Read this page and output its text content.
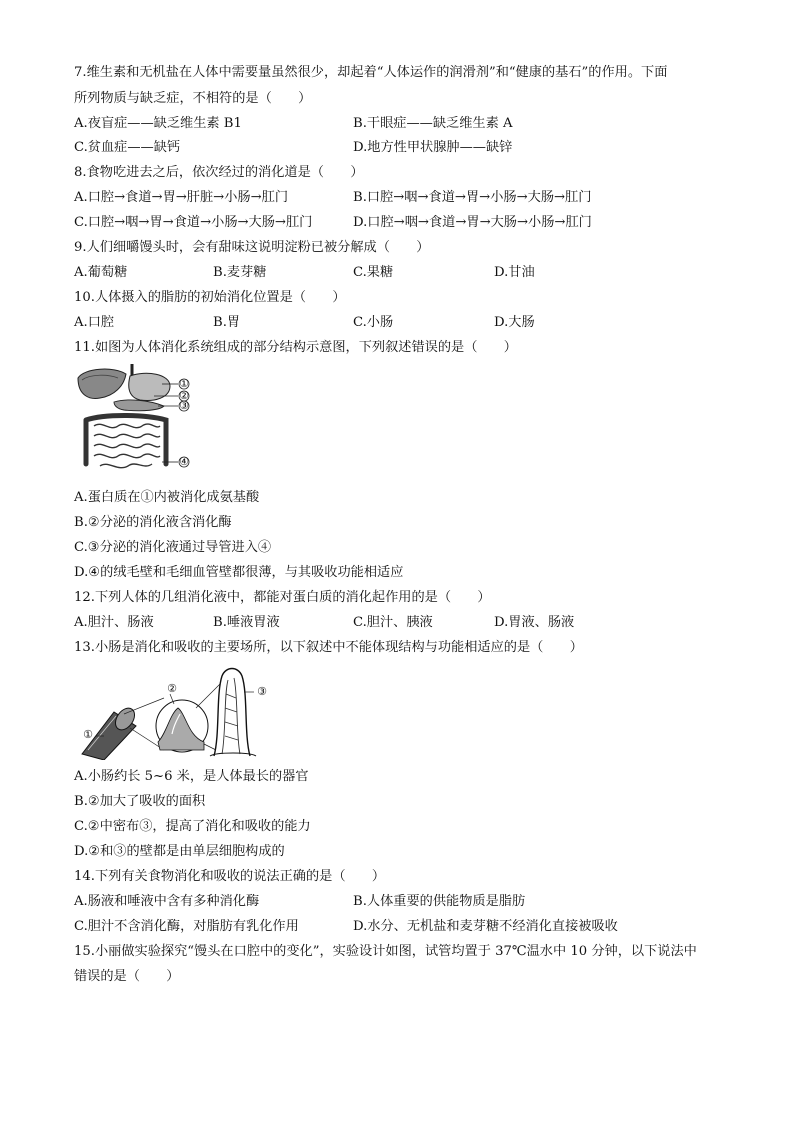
7.维生素和无机盐在人体中需要量虽然很少，却起着“人体运作的润滑剂”和“健康的基石”的作用。下面
所列物质与缺乏症，不相符的是（　　）
A.夜盲症——缺乏维生素 B1	B.干眼症——缺乏维生素 A
C.贫血症——缺钙	D.地方性甲状腺肿——缺锌
8.食物吃进去之后，依次经过的消化道是（　　）
A.口腔→食道→胃→肝脏→小肠→肛门	B.口腔→咽→食道→胃→小肠→大肠→肛门
C.口腔→咽→胃→食道→小肠→大肠→肛门	D.口腔→咽→食道→胃→大肠→小肠→肛门
9.人们细嚼馒头时，会有甜味这说明淀粉已被分解成（　　）
A.葡萄糖	B.麦芽糖	C.果糖	D.甘油
10.人体摄入的脂肪的初始消化位置是（　　）
A.口腔	B.胃	C.小肠	D.大肠
11.如图为人体消化系统组成的部分结构示意图，下列叙述错误的是（　　）
①
②
③
④
A.蛋白质在①内被消化成氨基酸
B.②分泌的消化液含消化酶
C.③分泌的消化液通过导管进入④
D.④的绒毛壁和毛细血管壁都很薄，与其吸收功能相适应
12.下列人体的几组消化液中，都能对蛋白质的消化起作用的是（　　）
A.胆汁、肠液	B.唾液胃液	C.胆汁、胰液	D.胃液、肠液
13.小肠是消化和吸收的主要场所，以下叙述中不能体现结构与功能相适应的是（　　）
①
②	③
A.小肠约长 5~6 米，是人体最长的器官
B.②加大了吸收的面积
C.②中密布③，提高了消化和吸收的能力
D.②和③的壁都是由单层细胞构成的
14.下列有关食物消化和吸收的说法正确的是（　　）
A.肠液和唾液中含有多种消化酶	B.人体重要的供能物质是脂肪
C.胆汁不含消化酶，对脂肪有乳化作用	D.水分、无机盐和麦芽糖不经消化直接被吸收
15.小丽做实验探究“馒头在口腔中的变化”，实验设计如图，试管均置于 37℃温水中 10 分钟，以下说法中
错误的是（　　）
